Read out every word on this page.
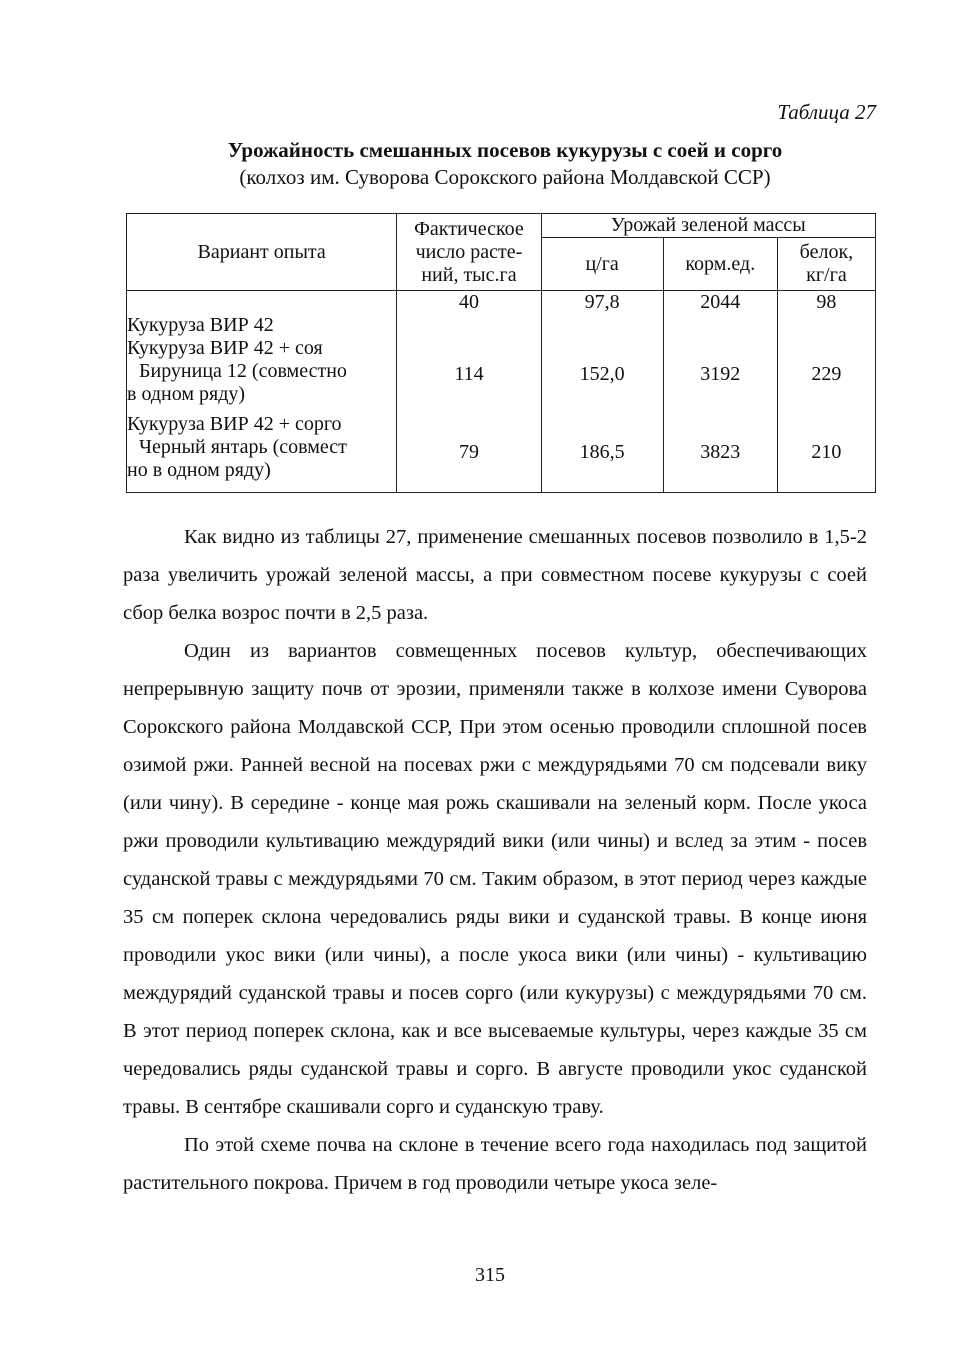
Таблица 27
Урожайность смешанных посевов кукурузы с соей и сорго
(колхоз им. Суворова Сорокского района Молдавской ССР)
Вариант опыта	Фактическое
число расте-
ний, тыс.га	Урожай зеленой массы		
		ц/га	корм.ед.	белок,
кг/га

Кукуруза ВИР 42	40	97,8	2044	98

Кукуруза ВИР 42 + соя
Бируница 12 (совместно
в одном ряду)	114	152,0	3192	229

Кукуруза ВИР 42 + сорго
Черный янтарь (совмест
но в одном ряду)	79	186,5	3823	210

Как видно из таблицы 27, применение смешанных посевов позволило в 1,5-2 раза увеличить урожай зеленой массы, а при совместном посеве кукурузы с соей сбор белка возрос почти в 2,5 раза.

Один из вариантов совмещенных посевов культур, обеспечивающих непрерывную защиту почв от эрозии, применяли также в колхозе имени Суворова Сорокского района Молдавской ССР, При этом осенью проводили сплошной посев озимой ржи. Ранней весной на посевах ржи с междурядьями 70 см подсевали вику (или чину). В середине - конце мая рожь скашивали на зеленый корм. После укоса ржи проводили культивацию междурядий вики (или чины) и вслед за этим - посев суданской травы с междурядьями 70 см. Таким образом, в этот период через каждые 35 см поперек склона чередовались ряды вики и суданской травы. В конце июня проводили укос вики (или чины), а после укоса вики (или чины) - культивацию междурядий суданской травы и посев сорго (или кукурузы) с междурядьями 70 см. В этот период поперек склона, как и все высеваемые культуры, через каждые 35 см чередовались ряды суданской травы и сорго. В августе проводили укос суданской травы. В сентябре скашивали сорго и суданскую траву.

По этой схеме почва на склоне в течение всего года находилась под защитой растительного покрова. Причем в год проводили четыре укоса зеле-

315
